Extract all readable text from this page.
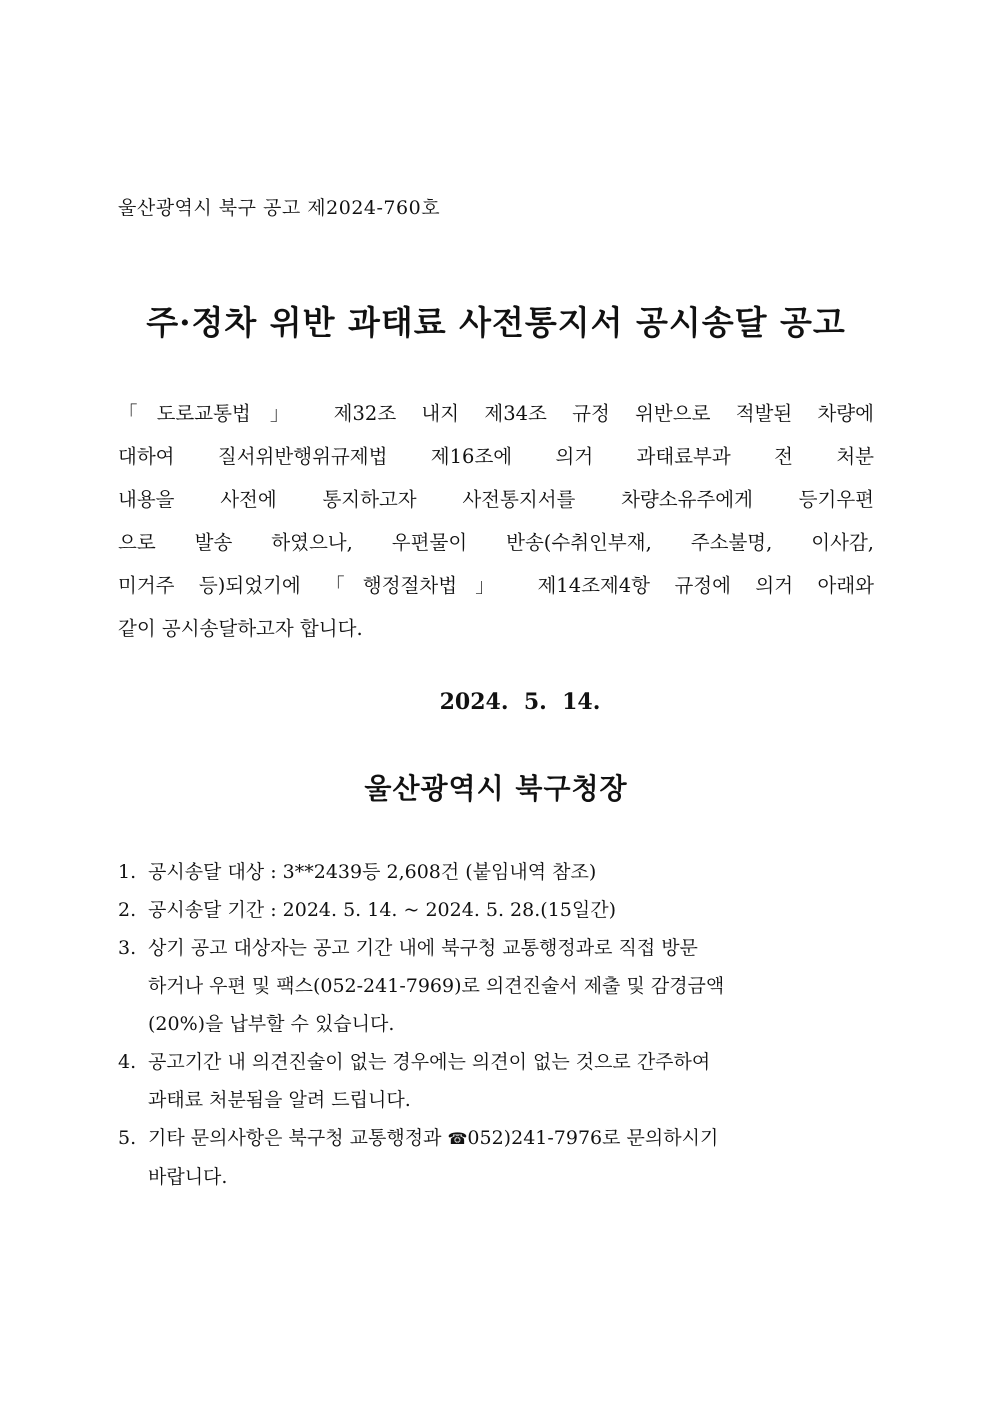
울산광역시 북구 공고 제2024-760호
주·정차 위반 과태료 사전통지서 공시송달 공고
「도로교통법」 제32조 내지 제34조 규정 위반으로 적발된 차량에
대하여 질서위반행위규제법 제16조에 의거 과태료부과 전 처분
내용을 사전에 통지하고자 사전통지서를 차량소유주에게 등기우편
으로 발송 하였으나, 우편물이 반송(수취인부재, 주소불명, 이사감,
미거주 등)되었기에 「행정절차법」 제14조제4항 규정에 의거 아래와
같이 공시송달하고자 합니다.
2024.  5.  14.
울산광역시 북구청장
1. 공시송달 대상 : 3**2439등 2,608건 (붙임내역 참조)
2. 공시송달 기간 : 2024. 5. 14. ~ 2024. 5. 28.(15일간)
3. 상기 공고 대상자는 공고 기간 내에 북구청 교통행정과로 직접 방문
하거나 우편 및 팩스(052-241-7969)로 의견진술서 제출 및 감경금액
(20%)을 납부할 수 있습니다.
4. 공고기간 내 의견진술이 없는 경우에는 의견이 없는 것으로 간주하여
과태료 처분됨을 알려 드립니다.
5. 기타 문의사항은 북구청 교통행정과 ☎052)241-7976로 문의하시기
바랍니다.
